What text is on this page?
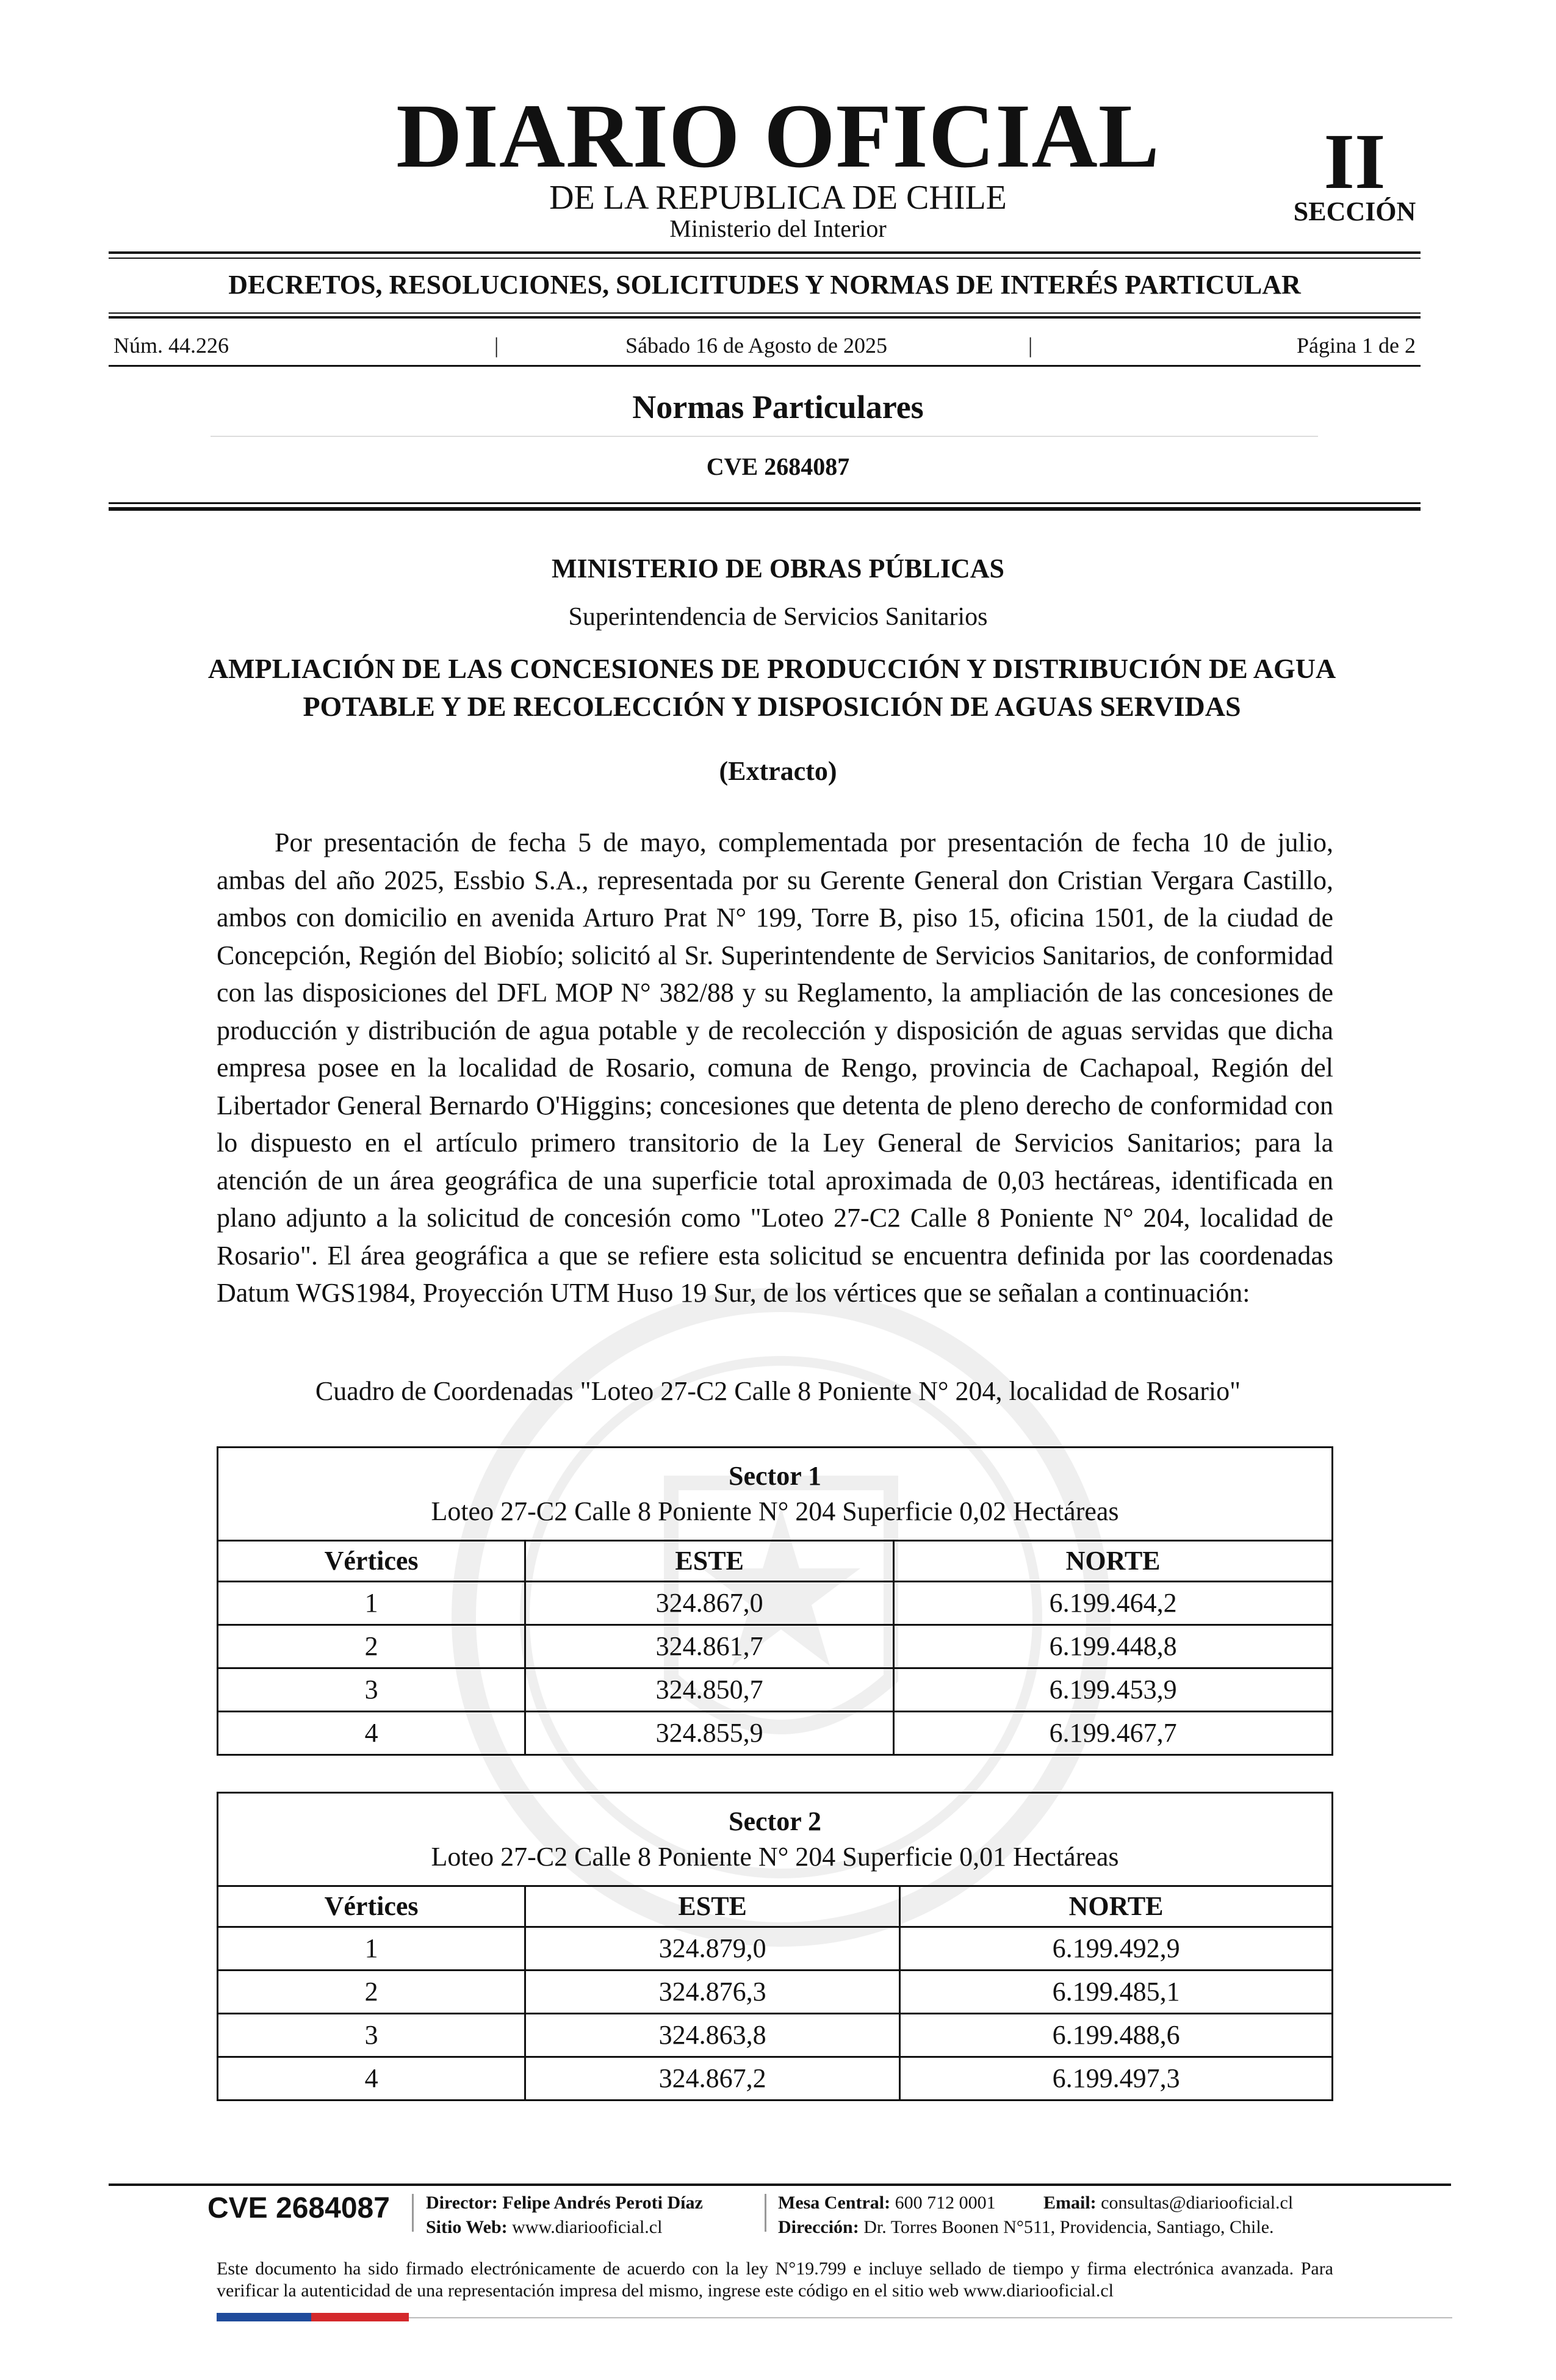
DIARIO OFICIAL
DE LA REPUBLICA DE CHILE
Ministerio del Interior
II
SECCIÓN
DECRETOS, RESOLUCIONES, SOLICITUDES Y NORMAS DE INTERÉS PARTICULAR
Núm. 44.226	|	Sábado 16 de Agosto de 2025	|	Página 1 de 2
Normas Particulares
CVE 2684087
MINISTERIO DE OBRAS PÚBLICAS
Superintendencia de Servicios Sanitarios
AMPLIACIÓN DE LAS CONCESIONES DE PRODUCCIÓN Y DISTRIBUCIÓN DE AGUA POTABLE Y DE RECOLECCIÓN Y DISPOSICIÓN DE AGUAS SERVIDAS
(Extracto)

Por presentación de fecha 5 de mayo, complementada por presentación de fecha 10 de julio, ambas del año 2025, Essbio S.A., representada por su Gerente General don Cristian Vergara Castillo, ambos con domicilio en avenida Arturo Prat N° 199, Torre B, piso 15, oficina 1501, de la ciudad de Concepción, Región del Biobío; solicitó al Sr. Superintendente de Servicios Sanitarios, de conformidad con las disposiciones del DFL MOP N° 382/88 y su Reglamento, la ampliación de las concesiones de producción y distribución de agua potable y de recolección y disposición de aguas servidas que dicha empresa posee en la localidad de Rosario, comuna de Rengo, provincia de Cachapoal, Región del Libertador General Bernardo O'Higgins; concesiones que detenta de pleno derecho de conformidad con lo dispuesto en el artículo primero transitorio de la Ley General de Servicios Sanitarios; para la atención de un área geográfica de una superficie total aproximada de 0,03 hectáreas, identificada en plano adjunto a la solicitud de concesión como "Loteo 27-C2 Calle 8 Poniente N° 204, localidad de Rosario". El área geográfica a que se refiere esta solicitud se encuentra definida por las coordenadas Datum WGS1984, Proyección UTM Huso 19 Sur, de los vértices que se señalan a continuación:

Cuadro de Coordenadas "Loteo 27-C2 Calle 8 Poniente N° 204, localidad de Rosario"
Sector 1
Loteo 27-C2 Calle 8 Poniente N° 204 Superficie 0,02 Hectáreas		
Vértices	ESTE	NORTE
1	324.867,0	6.199.464,2
2	324.861,7	6.199.448,8
3	324.850,7	6.199.453,9
4	324.855,9	6.199.467,7
Sector 2
Loteo 27-C2 Calle 8 Poniente N° 204 Superficie 0,01 Hectáreas		
Vértices	ESTE	NORTE
1	324.879,0	6.199.492,9
2	324.876,3	6.199.485,1
3	324.863,8	6.199.488,6
4	324.867,2	6.199.497,3
CVE 2684087 Director: Felipe Andrés Peroti Díaz
Sitio Web: www.diariooficial.cl
Mesa Central: 600 712 0001	Email: consultas@diariooficial.cl
Dirección: Dr. Torres Boonen N°511, Providencia, Santiago, Chile.

Este documento ha sido firmado electrónicamente de acuerdo con la ley N°19.799 e incluye sellado de tiempo y firma electrónica avanzada. Para verificar la autenticidad de una representación impresa del mismo, ingrese este código en el sitio web www.diariooficial.cl
